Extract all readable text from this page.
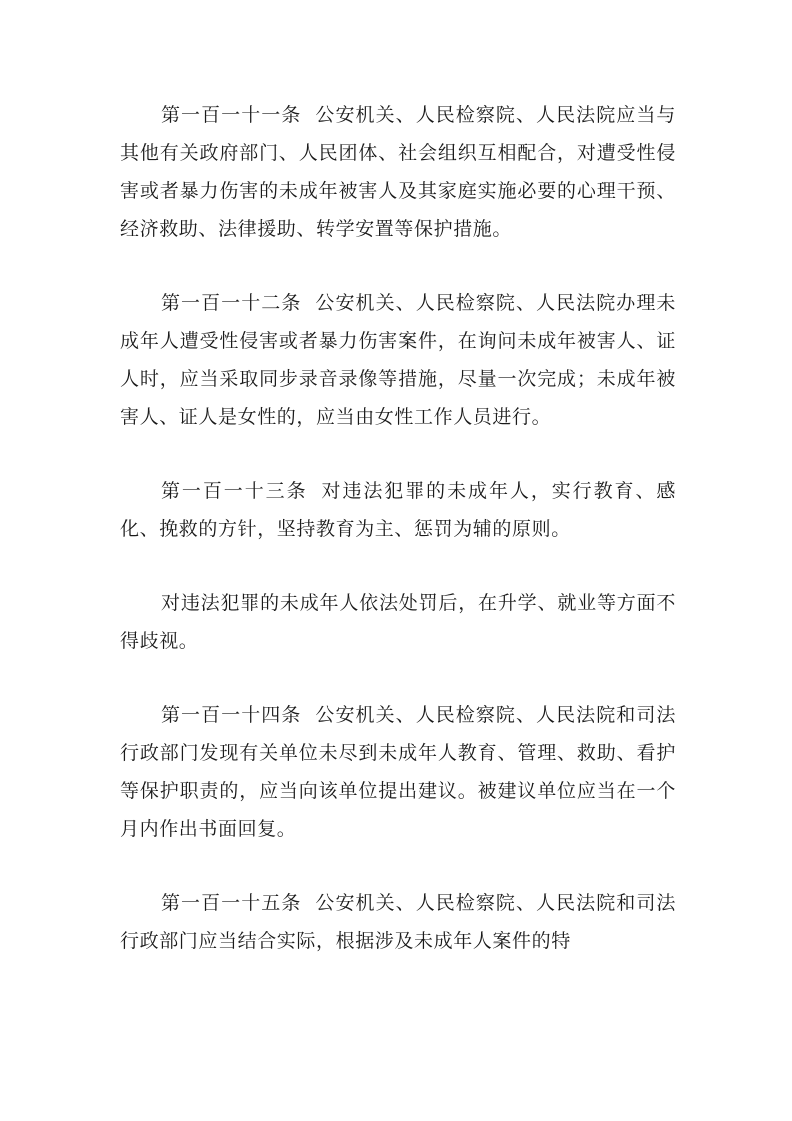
第一百一十一条 公安机关、人民检察院、人民法院应当与其他有关政府部门、人民团体、社会组织互相配合，对遭受性侵害或者暴力伤害的未成年被害人及其家庭实施必要的心理干预、经济救助、法律援助、转学安置等保护措施。

第一百一十二条 公安机关、人民检察院、人民法院办理未成年人遭受性侵害或者暴力伤害案件，在询问未成年被害人、证人时，应当采取同步录音录像等措施，尽量一次完成；未成年被害人、证人是女性的，应当由女性工作人员进行。

第一百一十三条 对违法犯罪的未成年人，实行教育、感化、挽救的方针，坚持教育为主、惩罚为辅的原则。

对违法犯罪的未成年人依法处罚后，在升学、就业等方面不得歧视。

第一百一十四条 公安机关、人民检察院、人民法院和司法行政部门发现有关单位未尽到未成年人教育、管理、救助、看护等保护职责的，应当向该单位提出建议。被建议单位应当在一个月内作出书面回复。

第一百一十五条 公安机关、人民检察院、人民法院和司法行政部门应当结合实际，根据涉及未成年人案件的特
